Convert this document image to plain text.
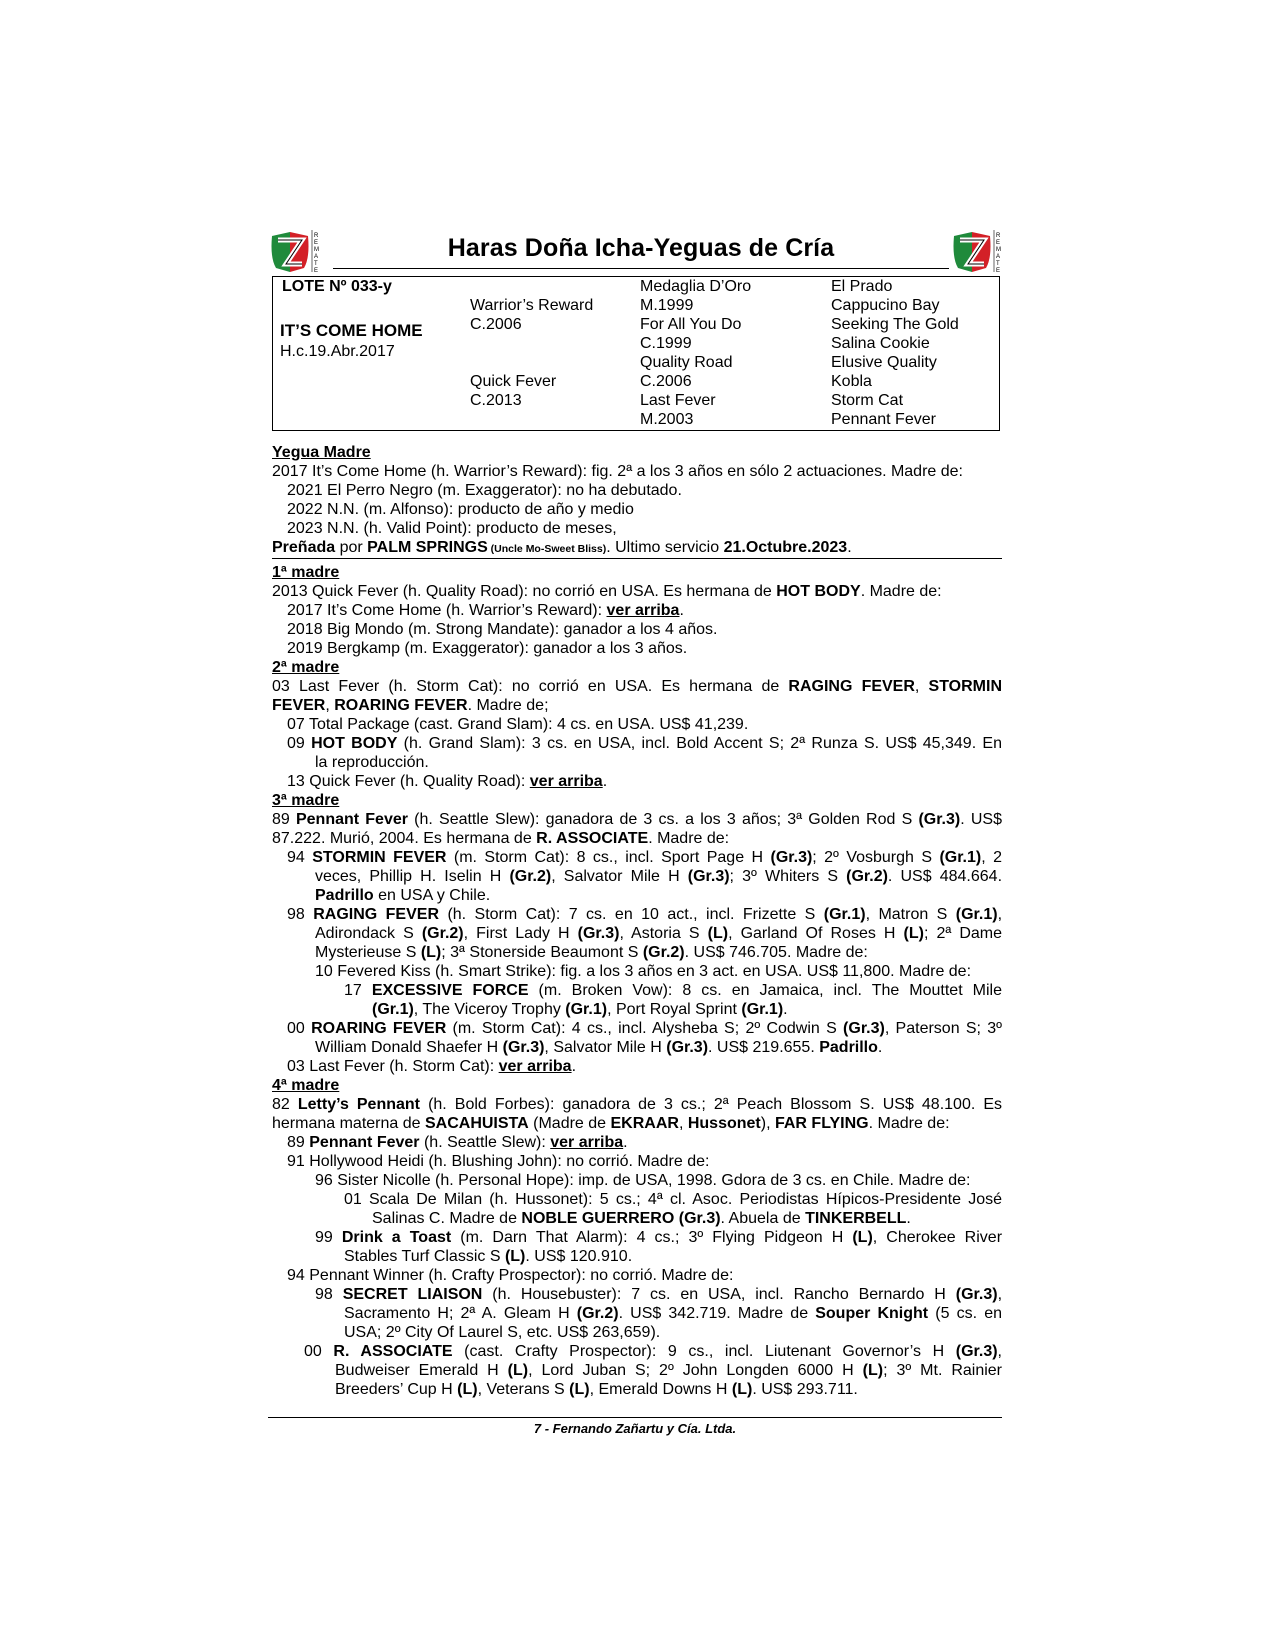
R
E
M
A
T
E
Haras Doña Icha-Yeguas de Cría	R
E
M
A
T
E
LOTE Nº 033-y
IT’S COME HOME
H.c.19.Abr.2017
Warrior’s Reward
C.2006
Quick Fever
C.2013
Medaglia D’Oro
M.1999
For All You Do
C.1999
Quality Road
C.2006
Last Fever
M.2003
El Prado
Cappucino Bay
Seeking The Gold
Salina Cookie
Elusive Quality
Kobla
Storm Cat
Pennant Fever
Yegua Madre
2017 It’s Come Home (h. Warrior’s Reward): fig. 2ª a los 3 años en sólo 2 actuaciones. Madre de:
2021 El Perro Negro (m. Exaggerator): no ha debutado.
2022 N.N. (m. Alfonso): producto de año y medio
2023 N.N. (h. Valid Point): producto de meses,
Preñada por PALM SPRINGS (Uncle Mo-Sweet Bliss). Ultimo servicio 21.Octubre.2023.
1ª madre
2013 Quick Fever (h. Quality Road): no corrió en USA. Es hermana de HOT BODY. Madre de:
2017 It’s Come Home (h. Warrior’s Reward): ver arriba.
2018 Big Mondo (m. Strong Mandate): ganador a los 4 años.
2019 Bergkamp (m. Exaggerator): ganador a los 3 años.
2ª madre
03 Last Fever (h. Storm Cat): no corrió en USA. Es hermana de RAGING FEVER, STORMIN
FEVER, ROARING FEVER. Madre de;
07 Total Package (cast. Grand Slam): 4 cs. en USA. US$ 41,239.
09 HOT BODY (h. Grand Slam): 3 cs. en USA, incl. Bold Accent S; 2ª Runza S. US$ 45,349. En
la reproducción.
13 Quick Fever (h. Quality Road): ver arriba.
3ª madre
89 Pennant Fever (h. Seattle Slew): ganadora de 3 cs. a los 3 años; 3ª Golden Rod S (Gr.3). US$
87.222. Murió, 2004. Es hermana de R. ASSOCIATE. Madre de:
94 STORMIN FEVER (m. Storm Cat): 8 cs., incl. Sport Page H (Gr.3); 2º Vosburgh S (Gr.1), 2
veces, Phillip H. Iselin H (Gr.2), Salvator Mile H (Gr.3); 3º Whiters S (Gr.2). US$ 484.664.
Padrillo en USA y Chile.
98 RAGING FEVER (h. Storm Cat): 7 cs. en 10 act., incl. Frizette S (Gr.1), Matron S (Gr.1),
Adirondack S (Gr.2), First Lady H (Gr.3), Astoria S (L), Garland Of Roses H (L); 2ª Dame
Mysterieuse S (L); 3ª Stonerside Beaumont S (Gr.2). US$ 746.705. Madre de:
10 Fevered Kiss (h. Smart Strike): fig. a los 3 años en 3 act. en USA. US$ 11,800. Madre de:
17 EXCESSIVE FORCE (m. Broken Vow): 8 cs. en Jamaica, incl. The Mouttet Mile
(Gr.1), The Viceroy Trophy (Gr.1), Port Royal Sprint (Gr.1).
00 ROARING FEVER (m. Storm Cat): 4 cs., incl. Alysheba S; 2º Codwin S (Gr.3), Paterson S; 3º
William Donald Shaefer H (Gr.3), Salvator Mile H (Gr.3). US$ 219.655. Padrillo.
03 Last Fever (h. Storm Cat): ver arriba.
4ª madre
82 Letty’s Pennant (h. Bold Forbes): ganadora de 3 cs.; 2ª Peach Blossom S. US$ 48.100. Es
hermana materna de SACAHUISTA (Madre de EKRAAR, Hussonet), FAR FLYING. Madre de:
89 Pennant Fever (h. Seattle Slew): ver arriba.
91 Hollywood Heidi (h. Blushing John): no corrió. Madre de:
96 Sister Nicolle (h. Personal Hope): imp. de USA, 1998. Gdora de 3 cs. en Chile. Madre de:
01 Scala De Milan (h. Hussonet): 5 cs.; 4ª cl. Asoc. Periodistas Hípicos-Presidente José
Salinas C. Madre de NOBLE GUERRERO (Gr.3). Abuela de TINKERBELL.
99 Drink a Toast (m. Darn That Alarm): 4 cs.; 3º Flying Pidgeon H (L), Cherokee River
Stables Turf Classic S (L). US$ 120.910.
94 Pennant Winner (h. Crafty Prospector): no corrió. Madre de:
98 SECRET LIAISON (h. Housebuster): 7 cs. en USA, incl. Rancho Bernardo H (Gr.3),
Sacramento H; 2ª A. Gleam H (Gr.2). US$ 342.719. Madre de Souper Knight (5 cs. en
USA; 2º City Of Laurel S, etc. US$ 263,659).
00 R. ASSOCIATE (cast. Crafty Prospector): 9 cs., incl. Liutenant Governor’s H (Gr.3),
Budweiser Emerald H (L), Lord Juban S; 2º John Longden 6000 H (L); 3º Mt. Rainier
Breeders’ Cup H (L), Veterans S (L), Emerald Downs H (L). US$ 293.711.
7 - Fernando Zañartu y Cía. Ltda.
